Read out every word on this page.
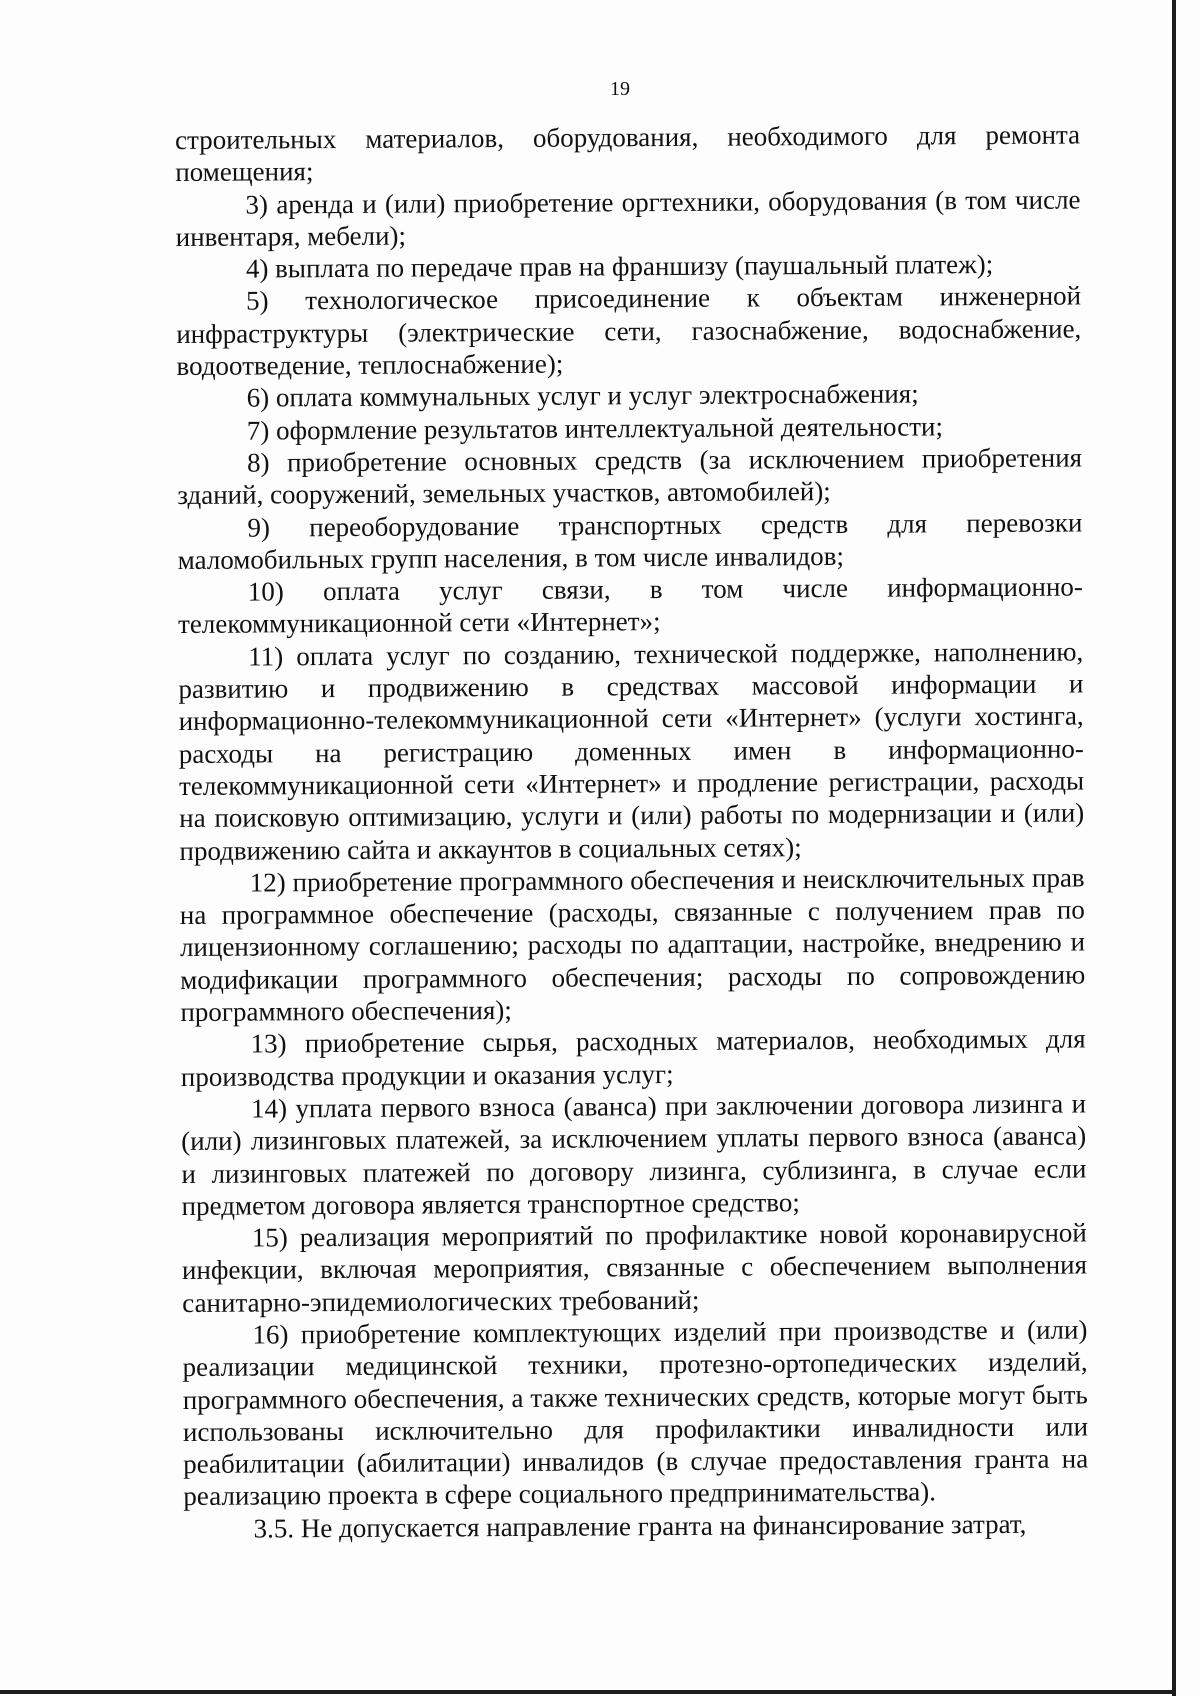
19

строительных материалов, оборудования, необходимого для ремонта помещения;

3) аренда и (или) приобретение оргтехники, оборудования (в том числе инвентаря, мебели);

4) выплата по передаче прав на франшизу (паушальный платеж);

5) технологическое присоединение к объектам инженерной инфраструктуры (электрические сети, газоснабжение, водоснабжение, водоотведение, теплоснабжение);

6) оплата коммунальных услуг и услуг электроснабжения;

7) оформление результатов интеллектуальной деятельности;

8) приобретение основных средств (за исключением приобретения зданий, сооружений, земельных участков, автомобилей);

9) переоборудование транспортных средств для перевозки маломобильных групп населения, в том числе инвалидов;

10) оплата услуг связи, в том числе информационно-телекоммуникационной сети «Интернет»;

11) оплата услуг по созданию, технической поддержке, наполнению, развитию и продвижению в средствах массовой информации и информационно-телекоммуникационной сети «Интернет» (услуги хостинга, расходы на регистрацию доменных имен в информационно-телекоммуникационной сети «Интернет» и продление регистрации, расходы на поисковую оптимизацию, услуги и (или) работы по модернизации и (или) продвижению сайта и аккаунтов в социальных сетях);

12) приобретение программного обеспечения и неисключительных прав на программное обеспечение (расходы, связанные с получением прав по лицензионному соглашению; расходы по адаптации, настройке, внедрению и модификации программного обеспечения; расходы по сопровождению программного обеспечения);

13) приобретение сырья, расходных материалов, необходимых для производства продукции и оказания услуг;

14) уплата первого взноса (аванса) при заключении договора лизинга и (или) лизинговых платежей, за исключением уплаты первого взноса (аванса) и лизинговых платежей по договору лизинга, сублизинга, в случае если предметом договора является транспортное средство;

15) реализация мероприятий по профилактике новой коронавирусной инфекции, включая мероприятия, связанные с обеспечением выполнения санитарно-эпидемиологических требований;

16) приобретение комплектующих изделий при производстве и (или) реализации медицинской техники, протезно-ортопедических изделий, программного обеспечения, а также технических средств, которые могут быть использованы исключительно для профилактики инвалидности или реабилитации (абилитации) инвалидов (в случае предоставления гранта на реализацию проекта в сфере социального предпринимательства).

3.5. Не допускается направление гранта на финансирование затрат,
